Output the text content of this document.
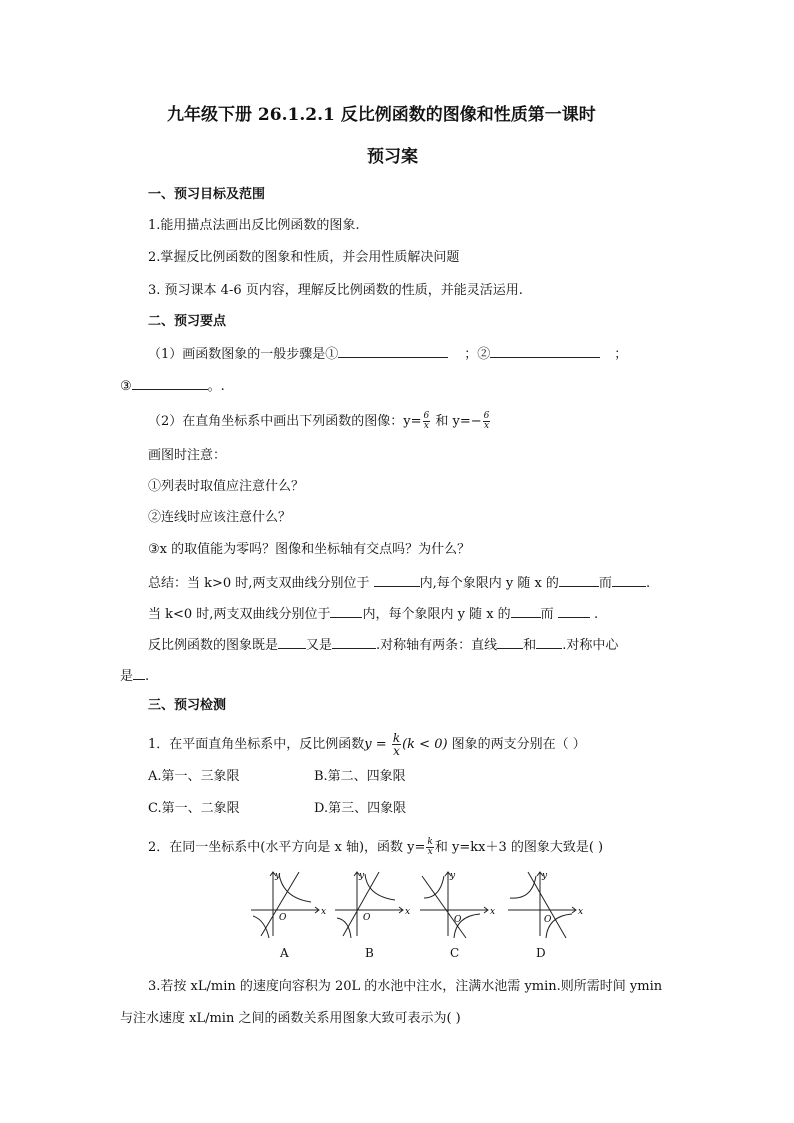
九年级下册 26.1.2.1 反比例函数的图像和性质第一课时
预习案
一、预习目标及范围
1.能用描点法画出反比例函数的图象.
2.掌握反比例函数的图象和性质，并会用性质解决问题
3. 预习课本 4-6 页内容，理解反比例函数的性质，并能灵活运用.
二、预习要点
（1）画函数图象的一般步骤是①	；②	；
③	。.
（2）在直角坐标系中画出下列函数的图像：$y= \frac{6}{x}$ 和 $y=- \frac{6}{x}$
画图时注意：
①列表时取值应注意什么？
②连线时应该注意什么？
③x 的取值能为零吗？图像和坐标轴有交点吗？为什么？
总结：当 k>0 时,两支双曲线分别位于	内,每个象限内 y 随 x 的	而	.
当 k<0 时,两支双曲线分别位于 内，每个象限内 y 随 x 的 而  .
反比例函数的图象既是 又是	.对称轴有两条：直线 和 .对称中心
是 .
三、预习检测
1．在平面直角坐标系中，反比例函数$y = \frac{k}{x} (k < 0)$ 图象的两支分别在（ ）
A.第一、三象限	B.第二、四象限
C.第一、二象限	D.第三、四象限
2．在同一坐标系中(水平方向是 x 轴)，函数 $y= \frac{k}{x}$ 和 y=kx＋3 的图象大致是( )
y
x
O
y
x
O
y
x
O
y
x
O
A	B	C	D
3.若按 xL/min 的速度向容积为 20L 的水池中注水，注满水池需 ymin.则所需时间 ymin
与注水速度 xL/min 之间的函数关系用图象大致可表示为( )
